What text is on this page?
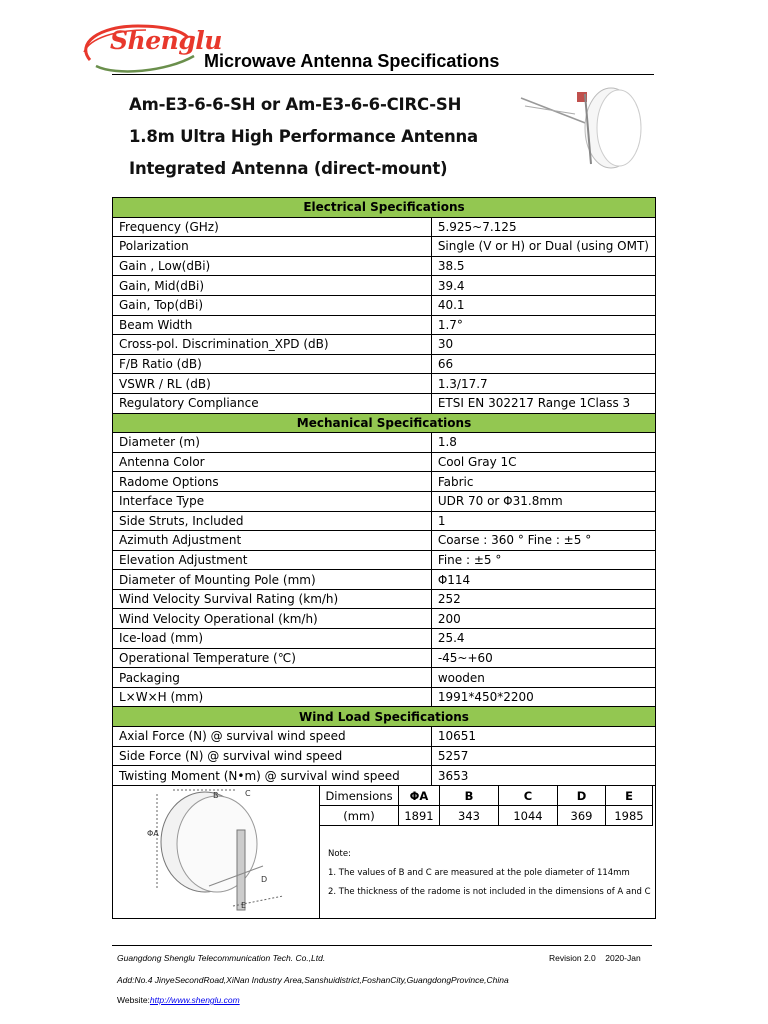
Shenglu
Microwave Antenna Specifications
Am-E3-6-6-SH or Am-E3-6-6-CIRC-SH
1.8m Ultra High Performance Antenna
Integrated Antenna (direct-mount)
Electrical Specifications	
Frequency (GHz)	5.925~7.125
Polarization	Single (V or H) or Dual (using OMT)
Gain , Low(dBi)	38.5
Gain, Mid(dBi)	39.4
Gain, Top(dBi)	40.1
Beam Width	1.7°
Cross-pol. Discrimination_XPD (dB)	30
F/B Ratio (dB)	66
VSWR / RL (dB)	1.3/17.7
Regulatory Compliance	ETSI EN 302217 Range 1Class 3
Mechanical Specifications	
Diameter (m)	1.8
Antenna Color	Cool Gray 1C
Radome Options	Fabric
Interface Type	UDR 70 or Φ31.8mm
Side Struts, Included	1
Azimuth Adjustment	Coarse : 360 ° Fine : ±5 °
Elevation Adjustment	Fine : ±5 °
Diameter of Mounting Pole (mm)	Φ114
Wind Velocity Survival Rating (km/h)	252
Wind Velocity Operational (km/h)	200
Ice-load (mm)	25.4
Operational Temperature (℃)	-45~+60
Packaging	wooden
L×W×H (mm)	1991*450*2200
Wind Load Specifications	
Axial Force (N) @ survival wind speed	10651
Side Force (N) @ survival wind speed	5257
Twisting Moment (N•m) @ survival wind speed	3653
ΦA
B	C
D
E
Dimensions	ΦA	B	C	D	E
(mm)	1891	343	1044	369	1985
Note:
1. The values of B and C are measured at the pole diameter of 114mm
2. The thickness of the radome is not included in the dimensions of A and C
Guangdong Shenglu Telecommunication Tech. Co.,Ltd.	Revision 2.0 2020-Jan
Add:No.4 JinyeSecondRoad,XiNan Industry Area,Sanshuidistrict,FoshanCity,GuangdongProvince,China
Website:http://www.shenglu.com
